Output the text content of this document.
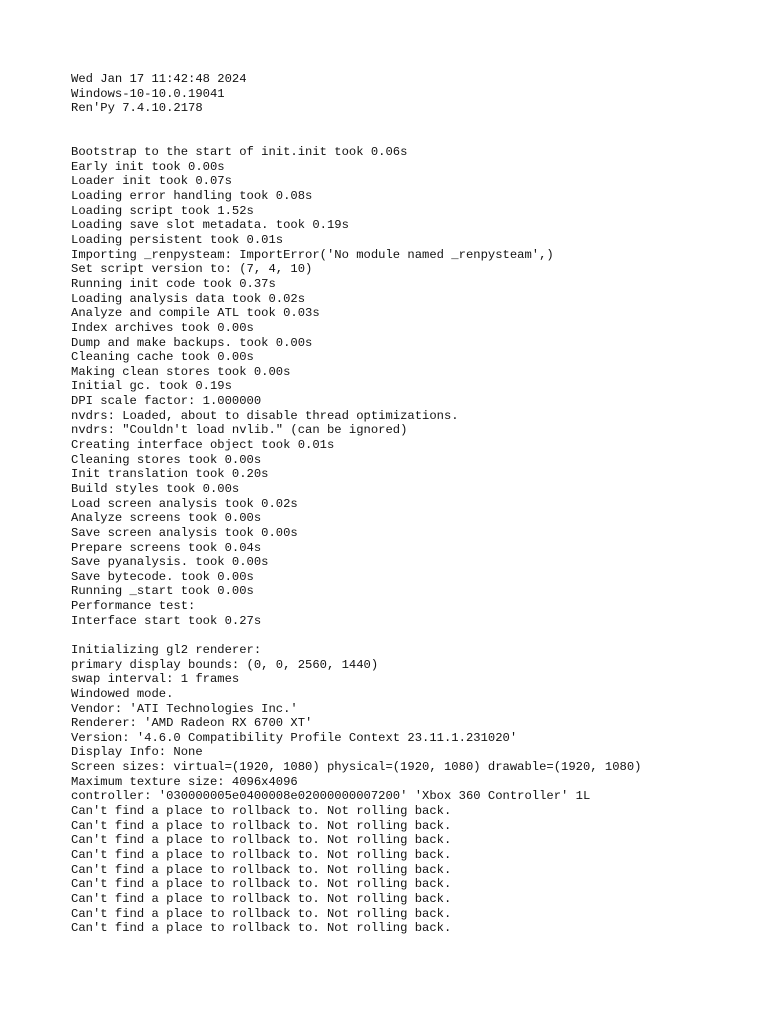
Wed Jan 17 11:42:48 2024
Windows-10-10.0.19041
Ren'Py 7.4.10.2178
Bootstrap to the start of init.init took 0.06s
Early init took 0.00s
Loader init took 0.07s
Loading error handling took 0.08s
Loading script took 1.52s
Loading save slot metadata. took 0.19s
Loading persistent took 0.01s
Importing _renpysteam: ImportError('No module named _renpysteam',)
Set script version to: (7, 4, 10)
Running init code took 0.37s
Loading analysis data took 0.02s
Analyze and compile ATL took 0.03s
Index archives took 0.00s
Dump and make backups. took 0.00s
Cleaning cache took 0.00s
Making clean stores took 0.00s
Initial gc. took 0.19s
DPI scale factor: 1.000000
nvdrs: Loaded, about to disable thread optimizations.
nvdrs: "Couldn't load nvlib." (can be ignored)
Creating interface object took 0.01s
Cleaning stores took 0.00s
Init translation took 0.20s
Build styles took 0.00s
Load screen analysis took 0.02s
Analyze screens took 0.00s
Save screen analysis took 0.00s
Prepare screens took 0.04s
Save pyanalysis. took 0.00s
Save bytecode. took 0.00s
Running _start took 0.00s
Performance test:
Interface start took 0.27s
Initializing gl2 renderer:
primary display bounds: (0, 0, 2560, 1440)
swap interval: 1 frames
Windowed mode.
Vendor: 'ATI Technologies Inc.'
Renderer: 'AMD Radeon RX 6700 XT'
Version: '4.6.0 Compatibility Profile Context 23.11.1.231020'
Display Info: None
Screen sizes: virtual=(1920, 1080) physical=(1920, 1080) drawable=(1920, 1080)
Maximum texture size: 4096x4096
controller: '030000005e0400008e02000000007200' 'Xbox 360 Controller' 1L
Can't find a place to rollback to. Not rolling back.
Can't find a place to rollback to. Not rolling back.
Can't find a place to rollback to. Not rolling back.
Can't find a place to rollback to. Not rolling back.
Can't find a place to rollback to. Not rolling back.
Can't find a place to rollback to. Not rolling back.
Can't find a place to rollback to. Not rolling back.
Can't find a place to rollback to. Not rolling back.
Can't find a place to rollback to. Not rolling back.
